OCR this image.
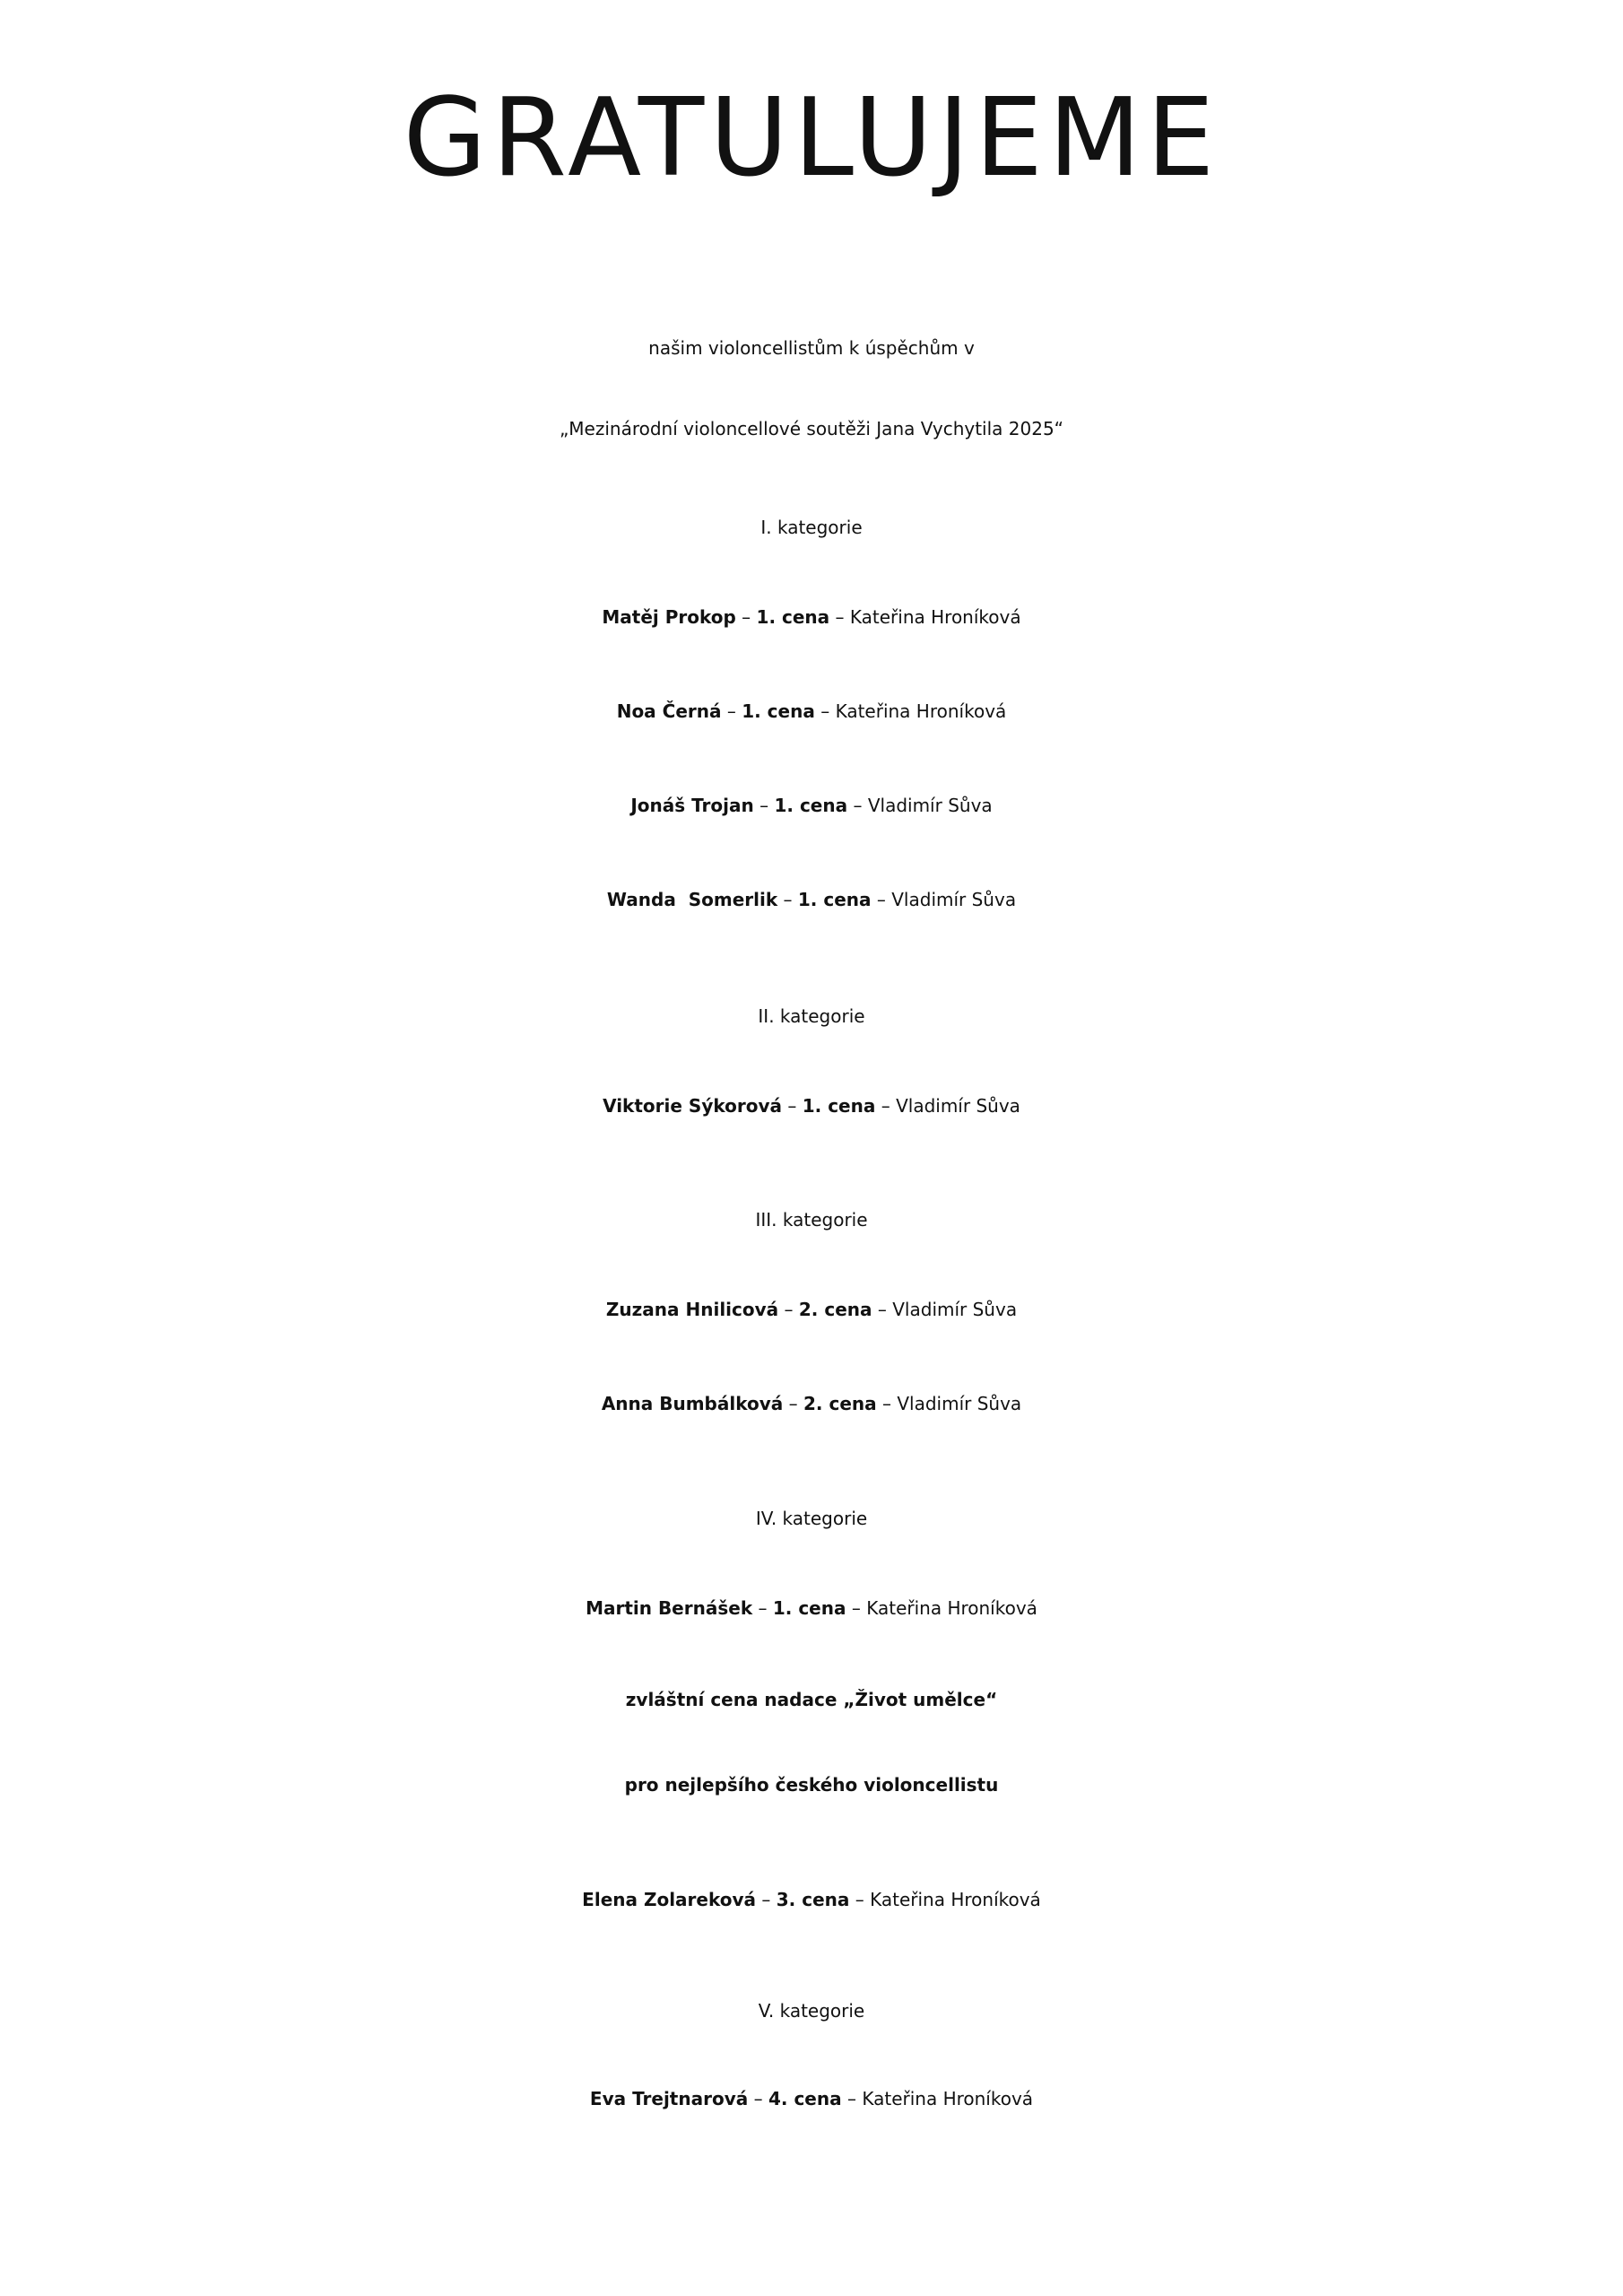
GRATULUJEME
našim violoncellistům k úspěchům v
„Mezinárodní violoncellové soutěži Jana Vychytila 2025“
I. kategorie
Matěj Prokop – 1. cena – Kateřina Hroníková
Noa Černá – 1. cena – Kateřina Hroníková
Jonáš Trojan – 1. cena – Vladimír Sůva
Wanda  Somerlik – 1. cena – Vladimír Sůva
II. kategorie
Viktorie Sýkorová – 1. cena – Vladimír Sůva
III. kategorie
Zuzana Hnilicová – 2. cena – Vladimír Sůva
Anna Bumbálková – 2. cena – Vladimír Sůva
IV. kategorie
Martin Bernášek – 1. cena – Kateřina Hroníková
zvláštní cena nadace „Život umělce“
pro nejlepšího českého violoncellistu
Elena Zolareková – 3. cena – Kateřina Hroníková
V. kategorie
Eva Trejtnarová – 4. cena – Kateřina Hroníková
